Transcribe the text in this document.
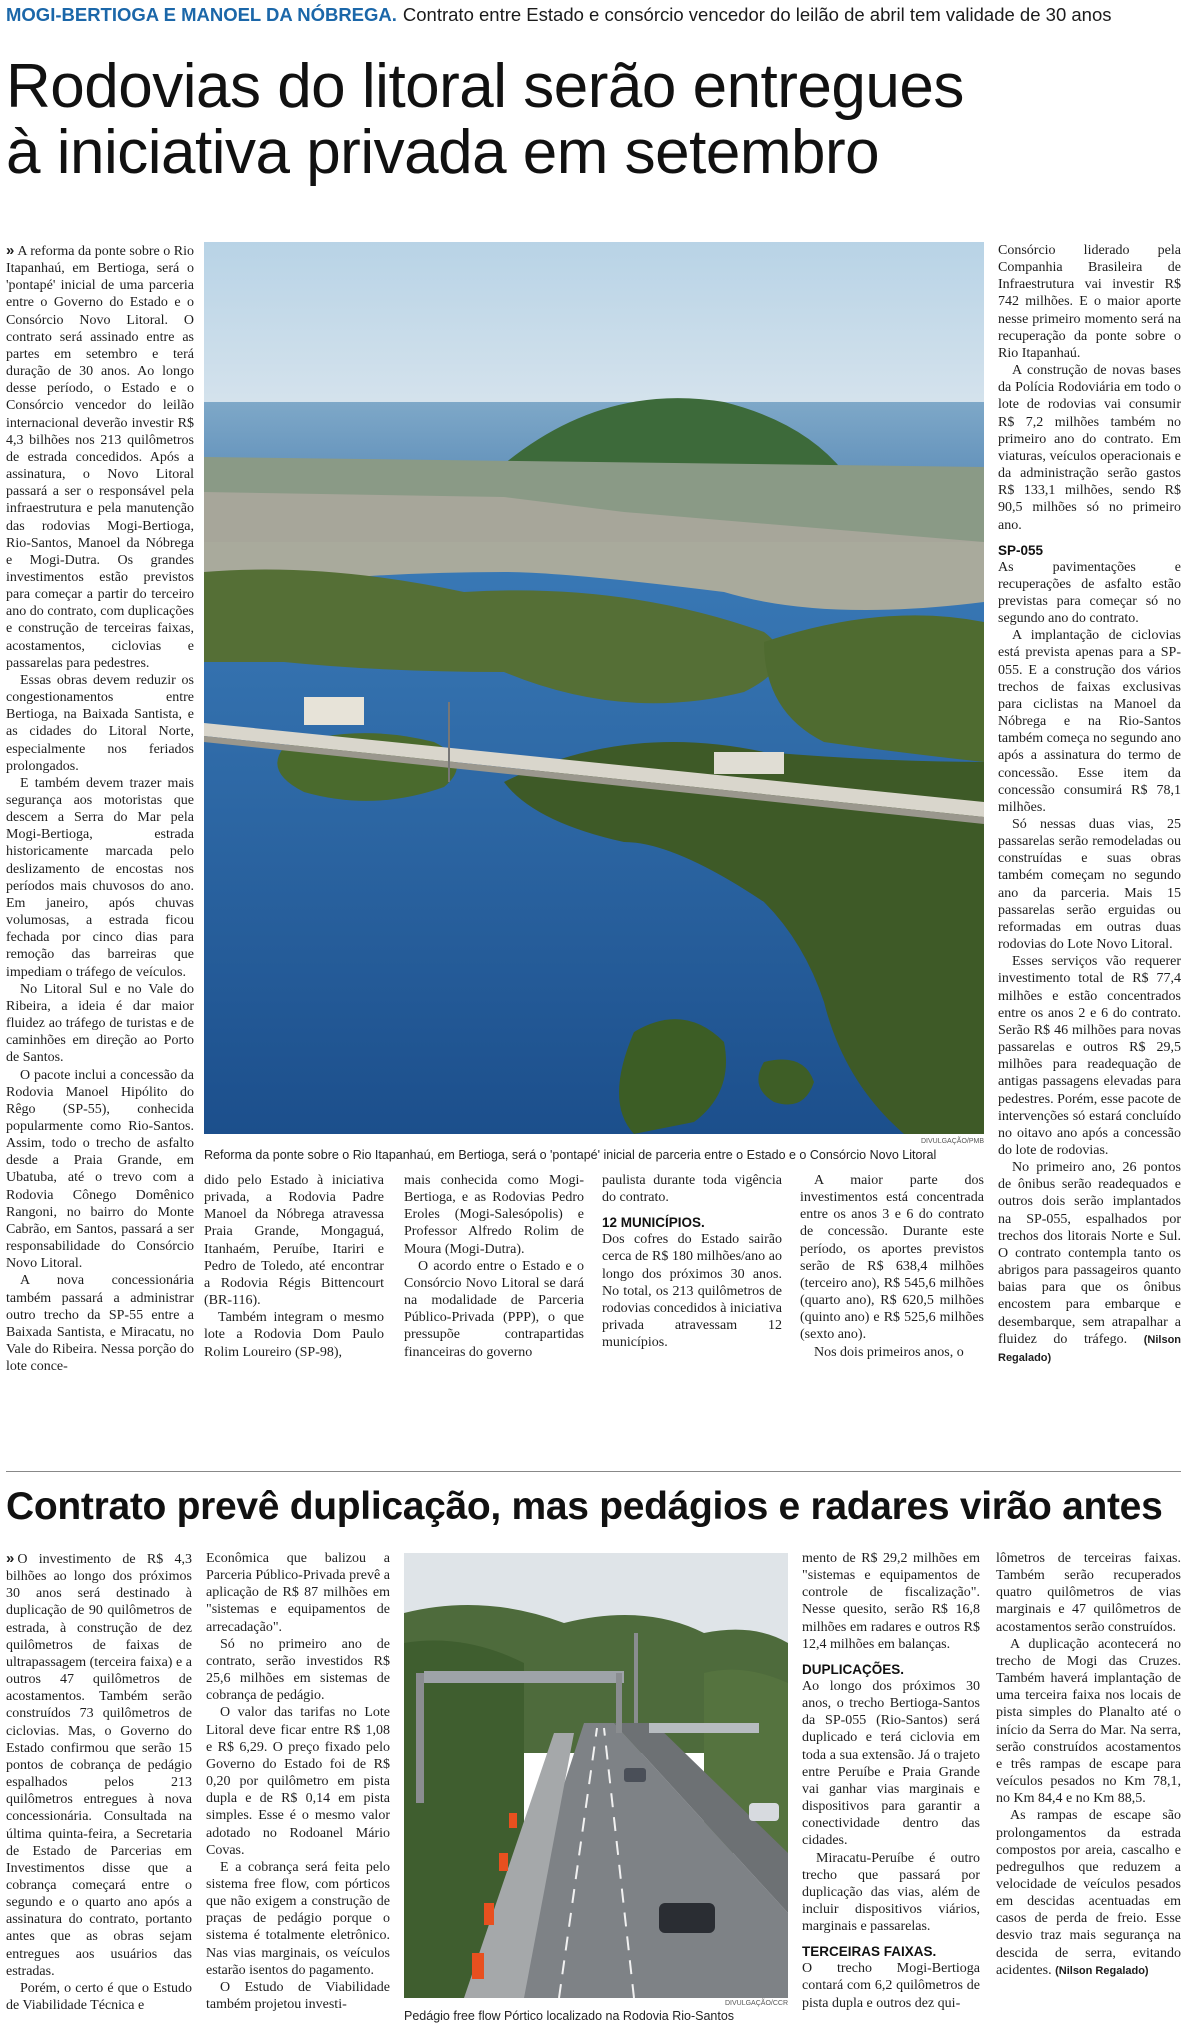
MOGI-BERTIOGA E MANOEL DA NÓBREGA. Contrato entre Estado e consórcio vencedor do leilão de abril tem validade de 30 anos
Rodovias do litoral serão entregues
à iniciativa privada em setembro

» A reforma da ponte sobre o Rio Itapanhaú, em Bertioga, será o 'pontapé' inicial de uma parceria entre o Governo do Estado e o Consórcio Novo Litoral. O contrato será assinado entre as partes em setembro e terá duração de 30 anos. Ao longo desse período, o Estado e o Consórcio vencedor do leilão internacional deverão investir R$ 4,3 bilhões nos 213 quilômetros de estrada concedidos. Após a assinatura, o Novo Litoral passará a ser o responsável pela infraestrutura e pela manutenção das rodovias Mogi-Bertioga, Rio-Santos, Manoel da Nóbrega e Mogi-Dutra. Os grandes investimentos estão previstos para começar a partir do terceiro ano do contrato, com duplicações e construção de terceiras faixas, acostamentos, ciclovias e passarelas para pedestres.

Essas obras devem reduzir os congestionamentos entre Bertioga, na Baixada Santista, e as cidades do Litoral Norte, especialmente nos feriados prolongados.

E também devem trazer mais segurança aos motoristas que descem a Serra do Mar pela Mogi-Bertioga, estrada historicamente marcada pelo deslizamento de encostas nos períodos mais chuvosos do ano. Em janeiro, após chuvas volumosas, a estrada ficou fechada por cinco dias para remoção das barreiras que impediam o tráfego de veículos.

No Litoral Sul e no Vale do Ribeira, a ideia é dar maior fluidez ao tráfego de turistas e de caminhões em direção ao Porto de Santos.

O pacote inclui a concessão da Rodovia Manoel Hipólito do Rêgo (SP-55), conhecida popularmente como Rio-Santos. Assim, todo o trecho de asfalto desde a Praia Grande, em Ubatuba, até o trevo com a Rodovia Cônego Domênico Rangoni, no bairro do Monte Cabrão, em Santos, passará a ser responsabilidade do Consórcio Novo Litoral.

A nova concessionária também passará a administrar outro trecho da SP-55 entre a Baixada Santista, e Miracatu, no Vale do Ribeira. Nessa porção do lote conce-

DIVULGAÇÃO/PMB
Reforma da ponte sobre o Rio Itapanhaú, em Bertioga, será o 'pontapé' inicial de parceria entre o Estado e o Consórcio Novo Litoral

dido pelo Estado à iniciativa privada, a Rodovia Padre Manoel da Nóbrega atravessa Praia Grande, Mongaguá, Itanhaém, Peruíbe, Itariri e Pedro de Toledo, até encontrar a Rodovia Régis Bittencourt (BR-116).

Também integram o mesmo lote a Rodovia Dom Paulo Rolim Loureiro (SP-98),

mais conhecida como Mogi-Bertioga, e as Rodovias Pedro Eroles (Mogi-Salesópolis) e Professor Alfredo Rolim de Moura (Mogi-Dutra).

O acordo entre o Estado e o Consórcio Novo Litoral se dará na modalidade de Parceria Público-Privada (PPP), o que pressupõe contrapartidas financeiras do governo

paulista durante toda vigência do contrato.

12 MUNICÍPIOS.

Dos cofres do Estado sairão cerca de R$ 180 milhões/ano ao longo dos próximos 30 anos. No total, os 213 quilômetros de rodovias concedidos à iniciativa privada atravessam 12 municípios.

A maior parte dos investimentos está concentrada entre os anos 3 e 6 do contrato de concessão. Durante este período, os aportes previstos serão de R$ 638,4 milhões (terceiro ano), R$ 545,6 milhões (quarto ano), R$ 620,5 milhões (quinto ano) e R$ 525,6 milhões (sexto ano).

Nos dois primeiros anos, o

Consórcio liderado pela Companhia Brasileira de Infraestrutura vai investir R$ 742 milhões. E o maior aporte nesse primeiro momento será na recuperação da ponte sobre o Rio Itapanhaú.

A construção de novas bases da Polícia Rodoviária em todo o lote de rodovias vai consumir R$ 7,2 milhões também no primeiro ano do contrato. Em viaturas, veículos operacionais e da administração serão gastos R$ 133,1 milhões, sendo R$ 90,5 milhões só no primeiro ano.

SP-055

As pavimentações e recuperações de asfalto estão previstas para começar só no segundo ano do contrato.

A implantação de ciclovias está prevista apenas para a SP-055. E a construção dos vários trechos de faixas exclusivas para ciclistas na Manoel da Nóbrega e na Rio-Santos também começa no segundo ano após a assinatura do termo de concessão. Esse item da concessão consumirá R$ 78,1 milhões.

Só nessas duas vias, 25 passarelas serão remodeladas ou construídas e suas obras também começam no segundo ano da parceria. Mais 15 passarelas serão erguidas ou reformadas em outras duas rodovias do Lote Novo Litoral.

Esses serviços vão requerer investimento total de R$ 77,4 milhões e estão concentrados entre os anos 2 e 6 do contrato. Serão R$ 46 milhões para novas passarelas e outros R$ 29,5 milhões para readequação de antigas passagens elevadas para pedestres. Porém, esse pacote de intervenções só estará concluído no oitavo ano após a concessão do lote de rodovias.

No primeiro ano, 26 pontos de ônibus serão readequados e outros dois serão implantados na SP-055, espalhados por trechos dos litorais Norte e Sul. O contrato contempla tanto os abrigos para passageiros quanto baias para que os ônibus encostem para embarque e desembarque, sem atrapalhar a fluidez do tráfego. (Nilson Regalado)

Contrato prevê duplicação, mas pedágios e radares virão antes

» O investimento de R$ 4,3 bilhões ao longo dos próximos 30 anos será destinado à duplicação de 90 quilômetros de estrada, à construção de dez quilômetros de faixas de ultrapassagem (terceira faixa) e a outros 47 quilômetros de acostamentos. Também serão construídos 73 quilômetros de ciclovias. Mas, o Governo do Estado confirmou que serão 15 pontos de cobrança de pedágio espalhados pelos 213 quilômetros entregues à nova concessionária. Consultada na última quinta-feira, a Secretaria de Estado de Parcerias em Investimentos disse que a cobrança começará entre o segundo e o quarto ano após a assinatura do contrato, portanto antes que as obras sejam entregues aos usuários das estradas.

Porém, o certo é que o Estudo de Viabilidade Técnica e

Econômica que balizou a Parceria Público-Privada prevê a aplicação de R$ 87 milhões em "sistemas e equipamentos de arrecadação".

Só no primeiro ano de contrato, serão investidos R$ 25,6 milhões em sistemas de cobrança de pedágio.

O valor das tarifas no Lote Litoral deve ficar entre R$ 1,08 e R$ 6,29. O preço fixado pelo Governo do Estado foi de R$ 0,20 por quilômetro em pista dupla e de R$ 0,14 em pista simples. Esse é o mesmo valor adotado no Rodoanel Mário Covas.

E a cobrança será feita pelo sistema free flow, com pórticos que não exigem a construção de praças de pedágio porque o sistema é totalmente eletrônico. Nas vias marginais, os veículos estarão isentos do pagamento.

O Estudo de Viabilidade também projetou investi-	DIVULGAÇÃO/CCR
Pedágio free flow Pórtico localizado na Rodovia Rio-Santos

mento de R$ 29,2 milhões em "sistemas e equipamentos de controle de fiscalização". Nesse quesito, serão R$ 16,8 milhões em radares e outros R$ 12,4 milhões em balanças.

DUPLICAÇÕES.

Ao longo dos próximos 30 anos, o trecho Bertioga-Santos da SP-055 (Rio-Santos) será duplicado e terá ciclovia em toda a sua extensão. Já o trajeto entre Peruíbe e Praia Grande vai ganhar vias marginais e dispositivos para garantir a conectividade dentro das cidades.

Miracatu-Peruíbe é outro trecho que passará por duplicação das vias, além de incluir dispositivos viários, marginais e passarelas.

TERCEIRAS FAIXAS.

O trecho Mogi-Bertioga contará com 6,2 quilômetros de pista dupla e outros dez qui-

lômetros de terceiras faixas. Também serão recuperados quatro quilômetros de vias marginais e 47 quilômetros de acostamentos serão construídos.

A duplicação acontecerá no trecho de Mogi das Cruzes. Também haverá implantação de uma terceira faixa nos locais de pista simples do Planalto até o início da Serra do Mar. Na serra, serão construídos acostamentos e três rampas de escape para veículos pesados no Km 78,1, no Km 84,4 e no Km 88,5.

As rampas de escape são prolongamentos da estrada compostos por areia, cascalho e pedregulhos que reduzem a velocidade de veículos pesados em descidas acentuadas em casos de perda de freio. Esse desvio traz mais segurança na descida de serra, evitando acidentes. (Nilson Regalado)
